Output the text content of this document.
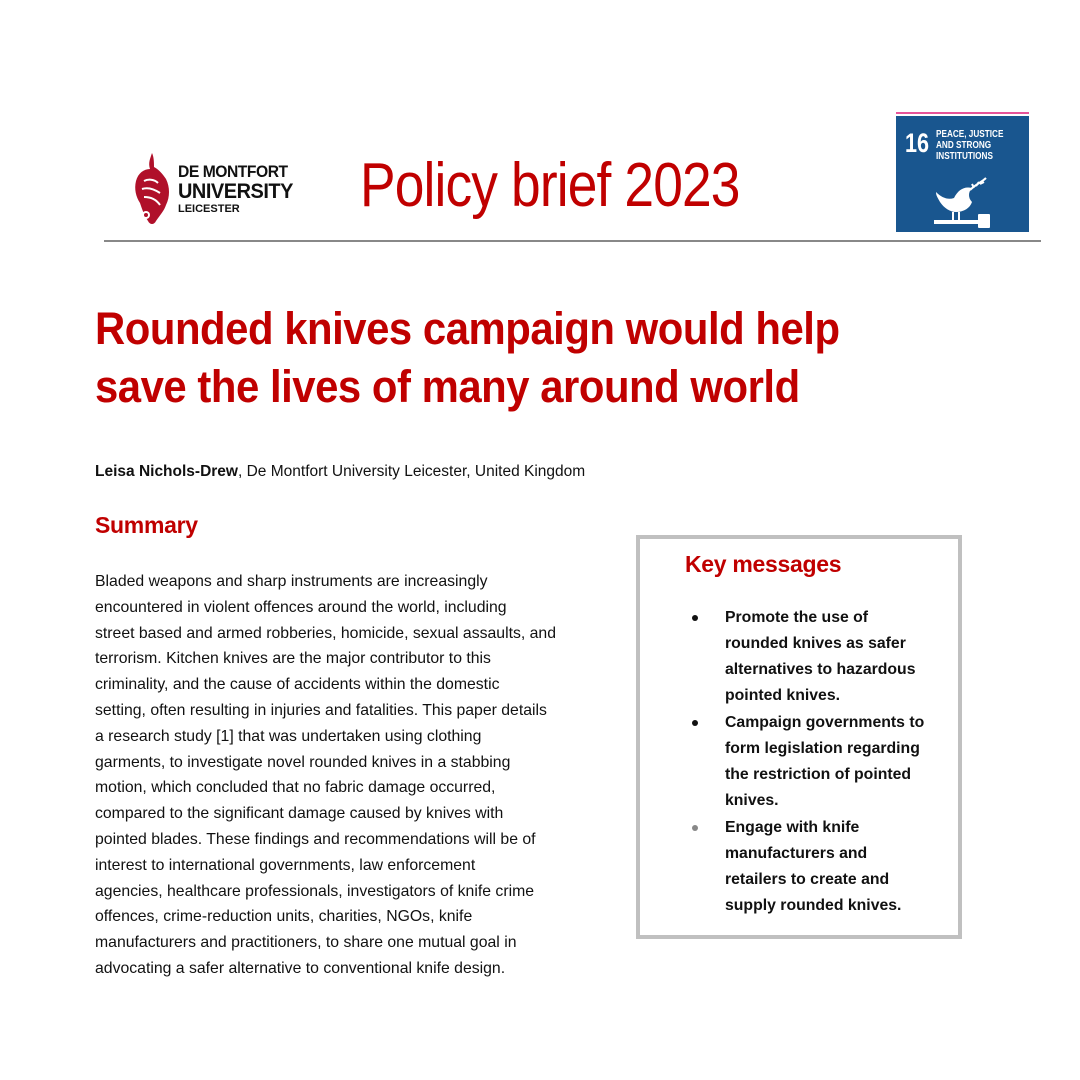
DE MONTFORT
UNIVERSITY
LEICESTER	Policy brief 2023
16 PEACE, JUSTICE
AND STRONG
INSTITUTIONS
Rounded knives campaign would help
save the lives of many around world
Leisa Nichols-Drew, De Montfort University Leicester, United Kingdom
Summary
Bladed weapons and sharp instruments are increasingly
encountered in violent offences around the world, including
street based and armed robberies, homicide, sexual assaults, and
terrorism. Kitchen knives are the major contributor to this
criminality, and the cause of accidents within the domestic
setting, often resulting in injuries and fatalities. This paper details
a research study [1] that was undertaken using clothing
garments, to investigate novel rounded knives in a stabbing
motion, which concluded that no fabric damage occurred,
compared to the significant damage caused by knives with
pointed blades. These findings and recommendations will be of
interest to international governments, law enforcement
agencies, healthcare professionals, investigators of knife crime
offences, crime-reduction units, charities, NGOs, knife
manufacturers and practitioners, to share one mutual goal in
advocating a safer alternative to conventional knife design.
Key messages
Promote the use of
rounded knives as safer
alternatives to hazardous
pointed knives.
Campaign governments to
form legislation regarding
the restriction of pointed
knives.
Engage with knife
manufacturers and
retailers to create and
supply rounded knives.
